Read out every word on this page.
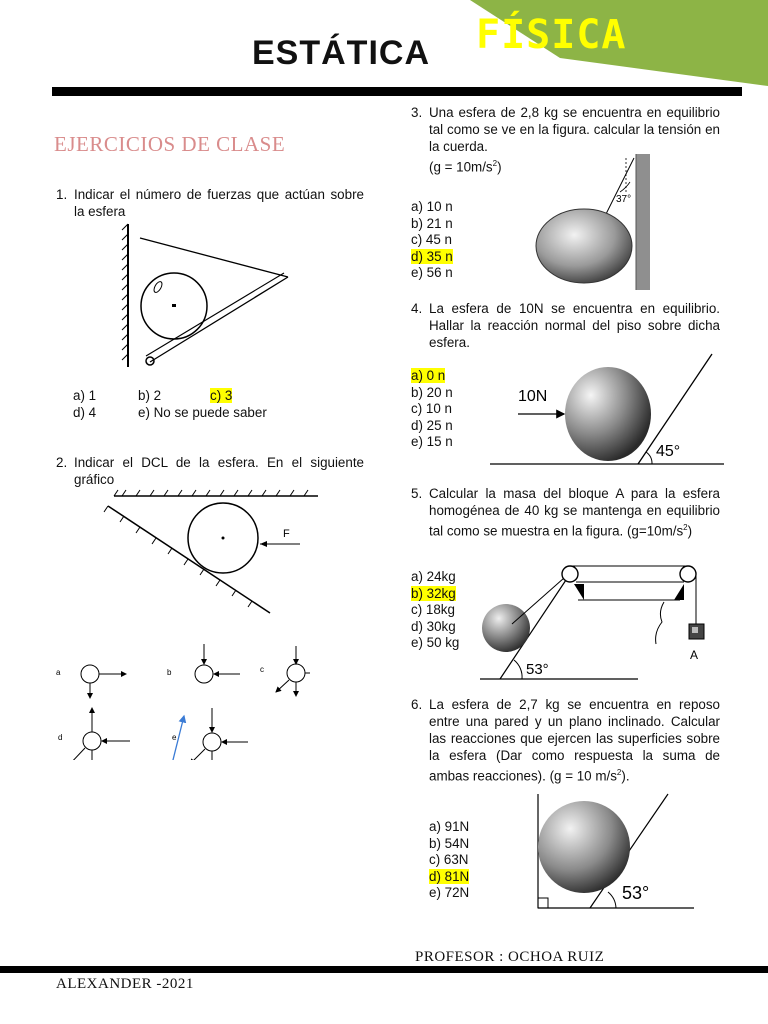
FÍSICA
ESTÁTICA
EJERCICIOS DE CLASE
1. Indicar el número de fuerzas que actúan sobre la esfera
a) 1	b) 2	c) 3
d) 4	e) No se puede saber
2. Indicar el DCL de la esfera. En el siguiente gráfico
F
a	b	c
d	e
3. Una esfera de 2,8 kg se encuentra en equilibrio tal como se ve en la figura. calcular la tensión en la cuerda.
$(g = 10m/s^2)$
a) 10 n
b) 21 n
c) 45 n
d) 35 n
e) 56 n
37°
4. La esfera de 10N se encuentra en equilibrio. Hallar la reacción normal del piso sobre dicha esfera.
a) 0 n
b) 20 n
c) 10 n
d) 25 n
e) 15 n
10N
45°
5. Calcular la masa del bloque A para la esfera homogénea de 40 kg se mantenga en equilibrio tal como se muestra en la figura. $(g=10m/s^2)$
a) 24kg
b) 32kg
c) 18kg
d) 30kg
e) 50 kg
53°
A
6. La esfera de 2,7 kg se encuentra en reposo entre una pared y un plano inclinado. Calcular las reacciones que ejercen las superficies sobre la esfera (Dar como respuesta la suma de ambas reacciones). (g = 10 $m/s^2$).
a) 91N
b) 54N
c) 63N
d) 81N
e) 72N	53°
PROFESOR : OCHOA RUIZ
ALEXANDER -2021
